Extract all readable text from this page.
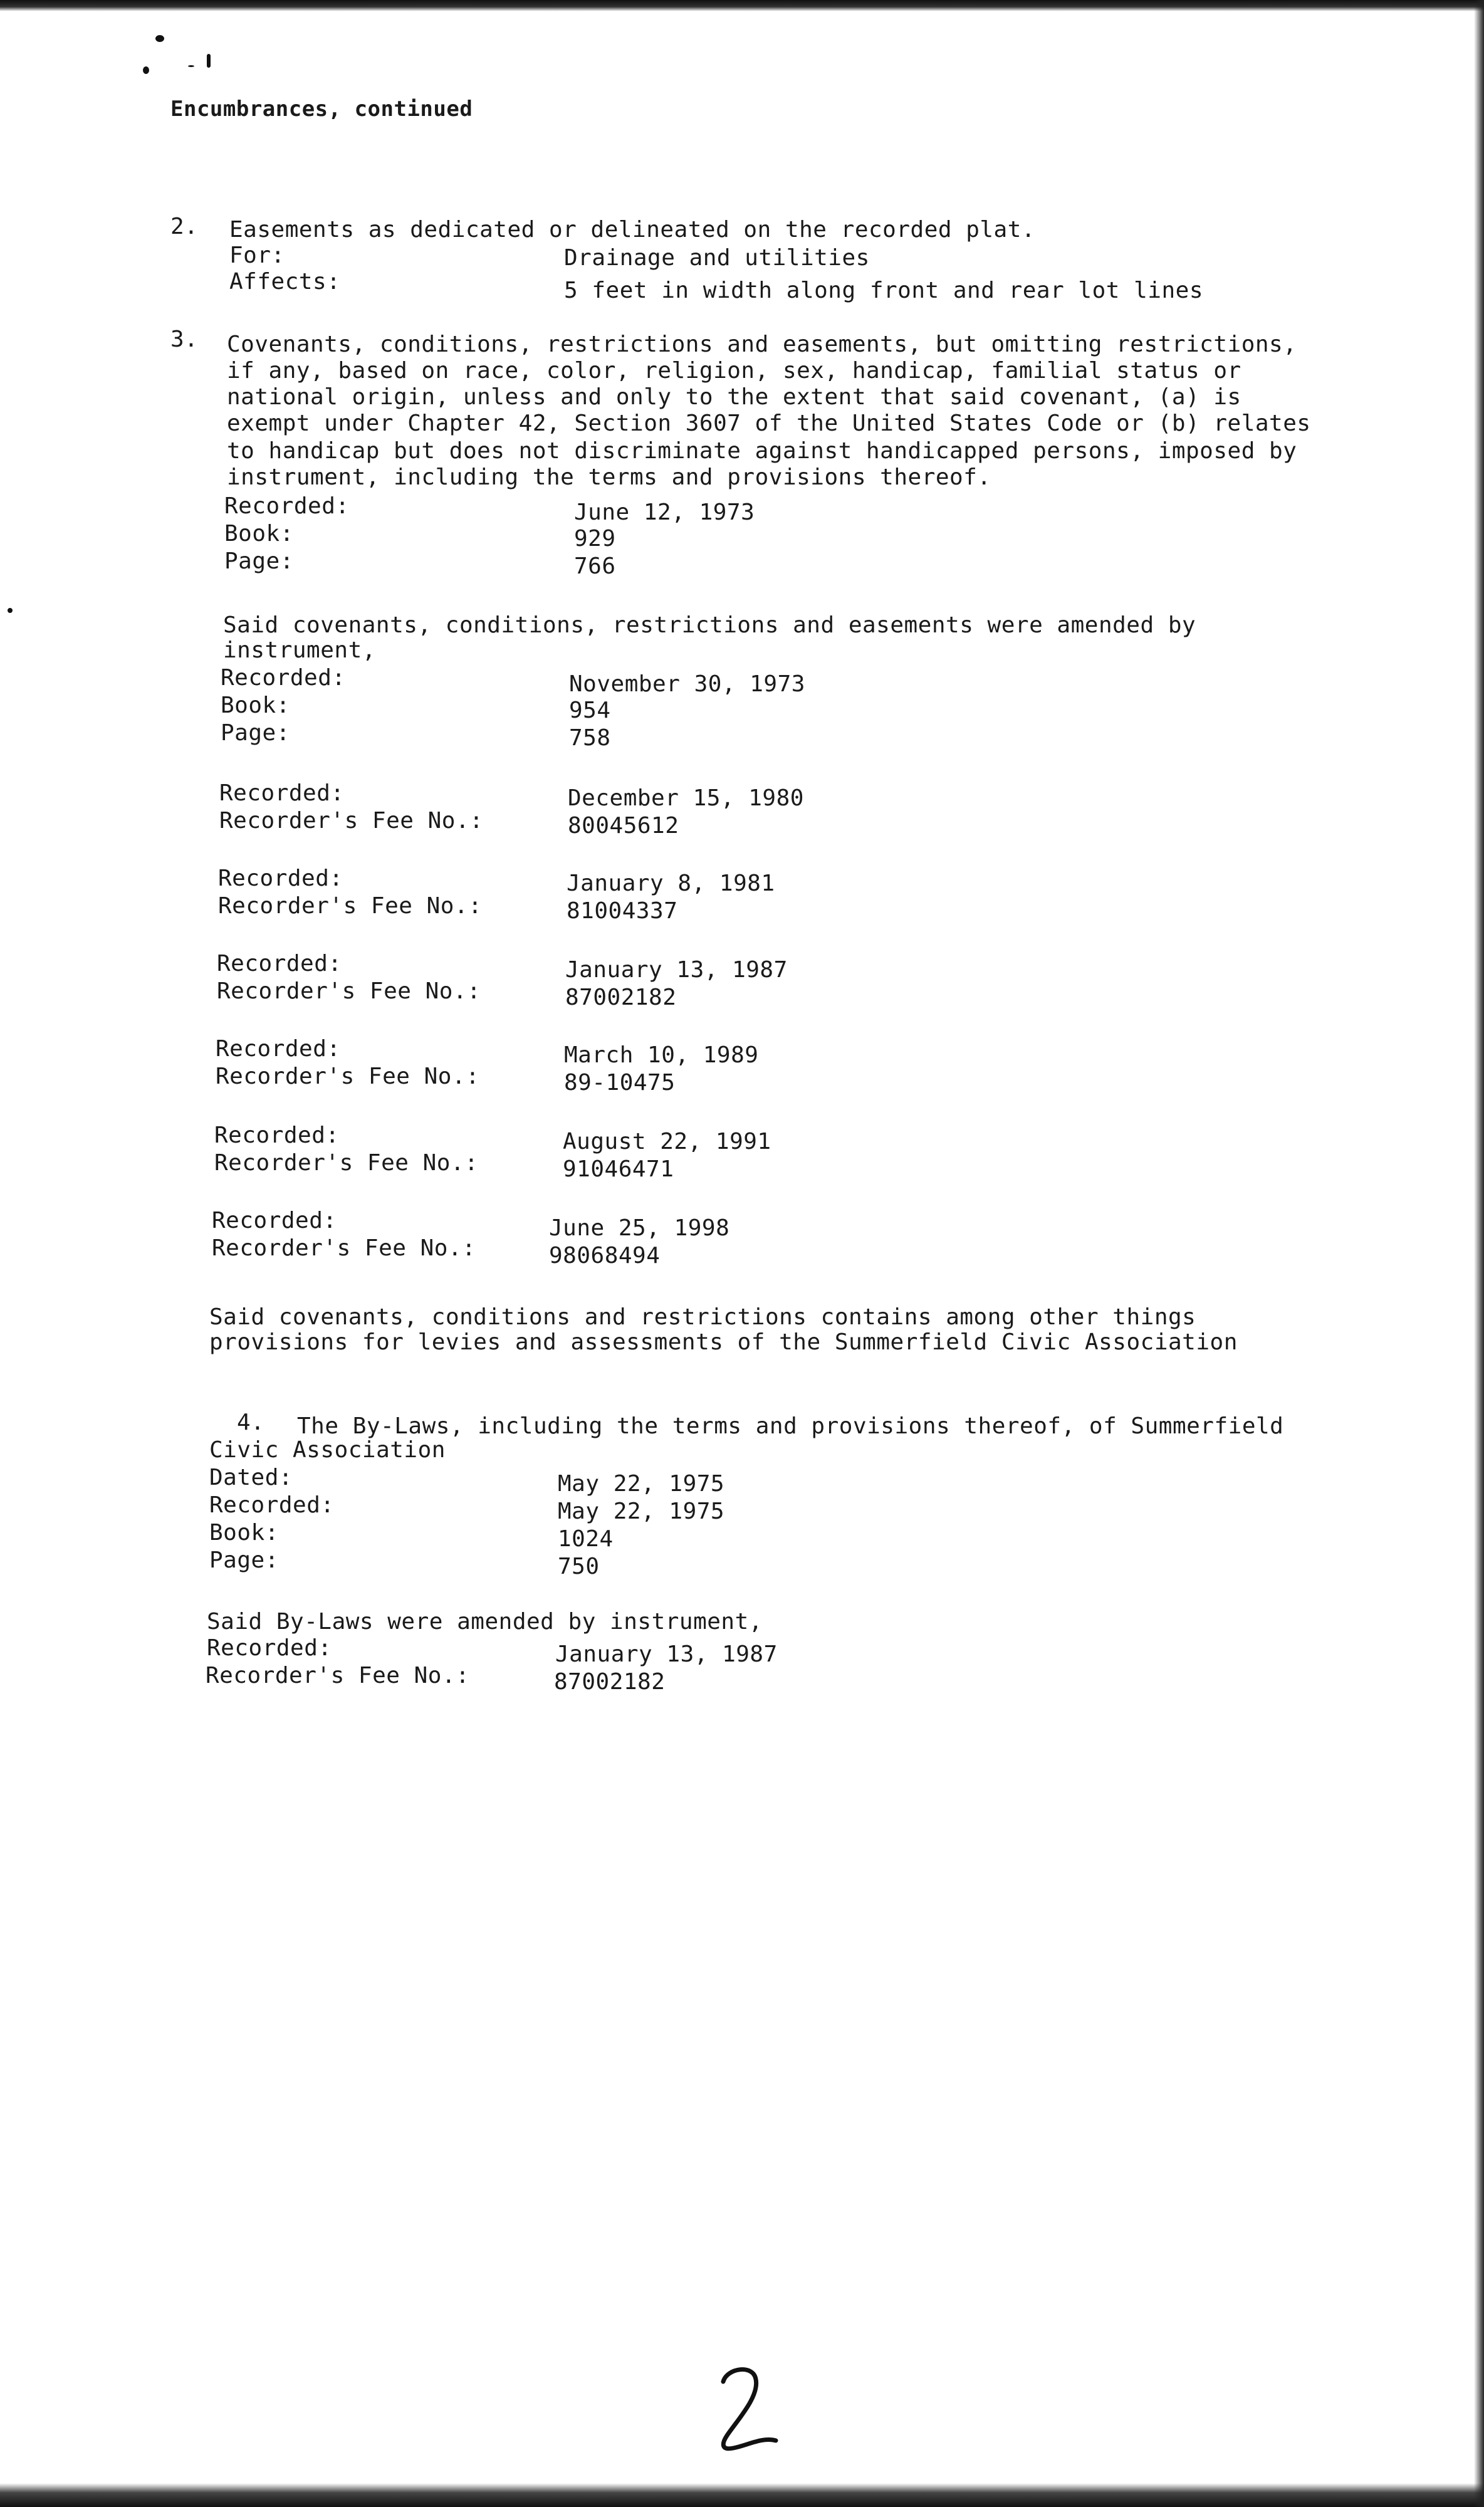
Encumbrances, continued
2. Easements as dedicated or delineated on the recorded plat.
For:	Drainage and utilities
Affects:	5 feet in width along front and rear lot lines
3. Covenants, conditions, restrictions and easements, but omitting restrictions,
if any, based on race, color, religion, sex, handicap, familial status or
national origin, unless and only to the extent that said covenant, (a) is
exempt under Chapter 42, Section 3607 of the United States Code or (b) relates
to handicap but does not discriminate against handicapped persons, imposed by
instrument, including the terms and provisions thereof.
Recorded:	June 12, 1973
Book:	929
Page:	766
Said covenants, conditions, restrictions and easements were amended by
instrument,
Recorded:	November 30, 1973
Book:	954
Page:	758
Recorded:	December 15, 1980
Recorder's Fee No.:	80045612
Recorded:	January 8, 1981
Recorder's Fee No.:	81004337
Recorded:	January 13, 1987
Recorder's Fee No.:	87002182
Recorded:	March 10, 1989
Recorder's Fee No.:	89-10475
Recorded:	August 22, 1991
Recorder's Fee No.:	91046471
Recorded:	June 25, 1998
Recorder's Fee No.:	98068494
Said covenants, conditions and restrictions contains among other things
provisions for levies and assessments of the Summerfield Civic Association
4. The By-Laws, including the terms and provisions thereof, of Summerfield
Civic Association
Dated:	May 22, 1975
Recorded:	May 22, 1975
Book:	1024
Page:	750
Said By-Laws were amended by instrument,
Recorded:	January 13, 1987
Recorder's Fee No.:	87002182
